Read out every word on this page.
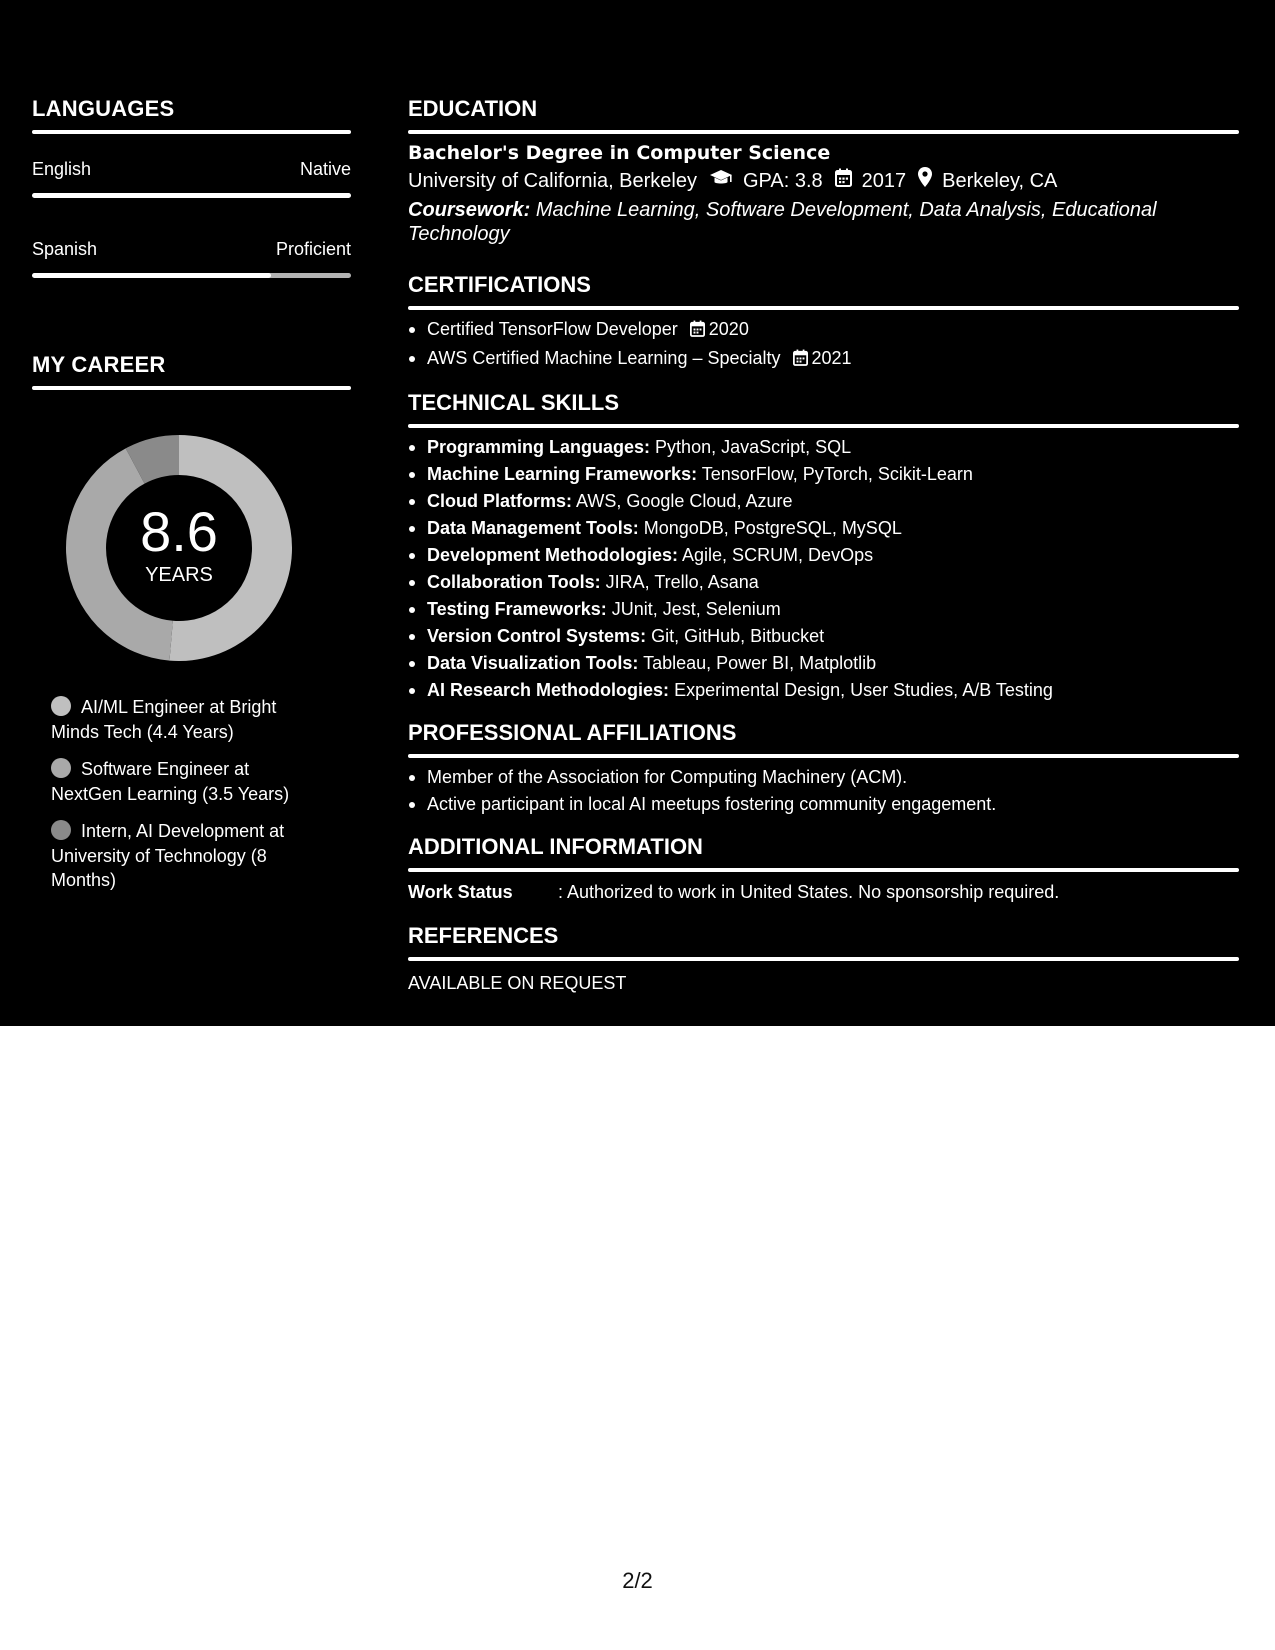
LANGUAGES
English	Native
Spanish	Proficient
MY CAREER
8.6
YEARS
AI/ML Engineer at Bright Minds Tech (4.4 Years)
Software Engineer at NextGen Learning (3.5 Years)
Intern, AI Development at University of Technology (8 Months)
EDUCATION
Bachelor's Degree in Computer Science
University of California, Berkeley GPA: 3.8 2017 Berkeley, CA
Coursework: Machine Learning, Software Development, Data Analysis, Educational Technology
CERTIFICATIONS
Certified TensorFlow Developer 2020
AWS Certified Machine Learning – Specialty 2021
TECHNICAL SKILLS
Programming Languages: Python, JavaScript, SQL
Machine Learning Frameworks: TensorFlow, PyTorch, Scikit-Learn
Cloud Platforms: AWS, Google Cloud, Azure
Data Management Tools: MongoDB, PostgreSQL, MySQL
Development Methodologies: Agile, SCRUM, DevOps
Collaboration Tools: JIRA, Trello, Asana
Testing Frameworks: JUnit, Jest, Selenium
Version Control Systems: Git, GitHub, Bitbucket
Data Visualization Tools: Tableau, Power BI, Matplotlib
AI Research Methodologies: Experimental Design, User Studies, A/B Testing
PROFESSIONAL AFFILIATIONS
Member of the Association for Computing Machinery (ACM).
Active participant in local AI meetups fostering community engagement.
ADDITIONAL INFORMATION
Work Status	: Authorized to work in United States. No sponsorship required.
REFERENCES
AVAILABLE ON REQUEST
2/2
